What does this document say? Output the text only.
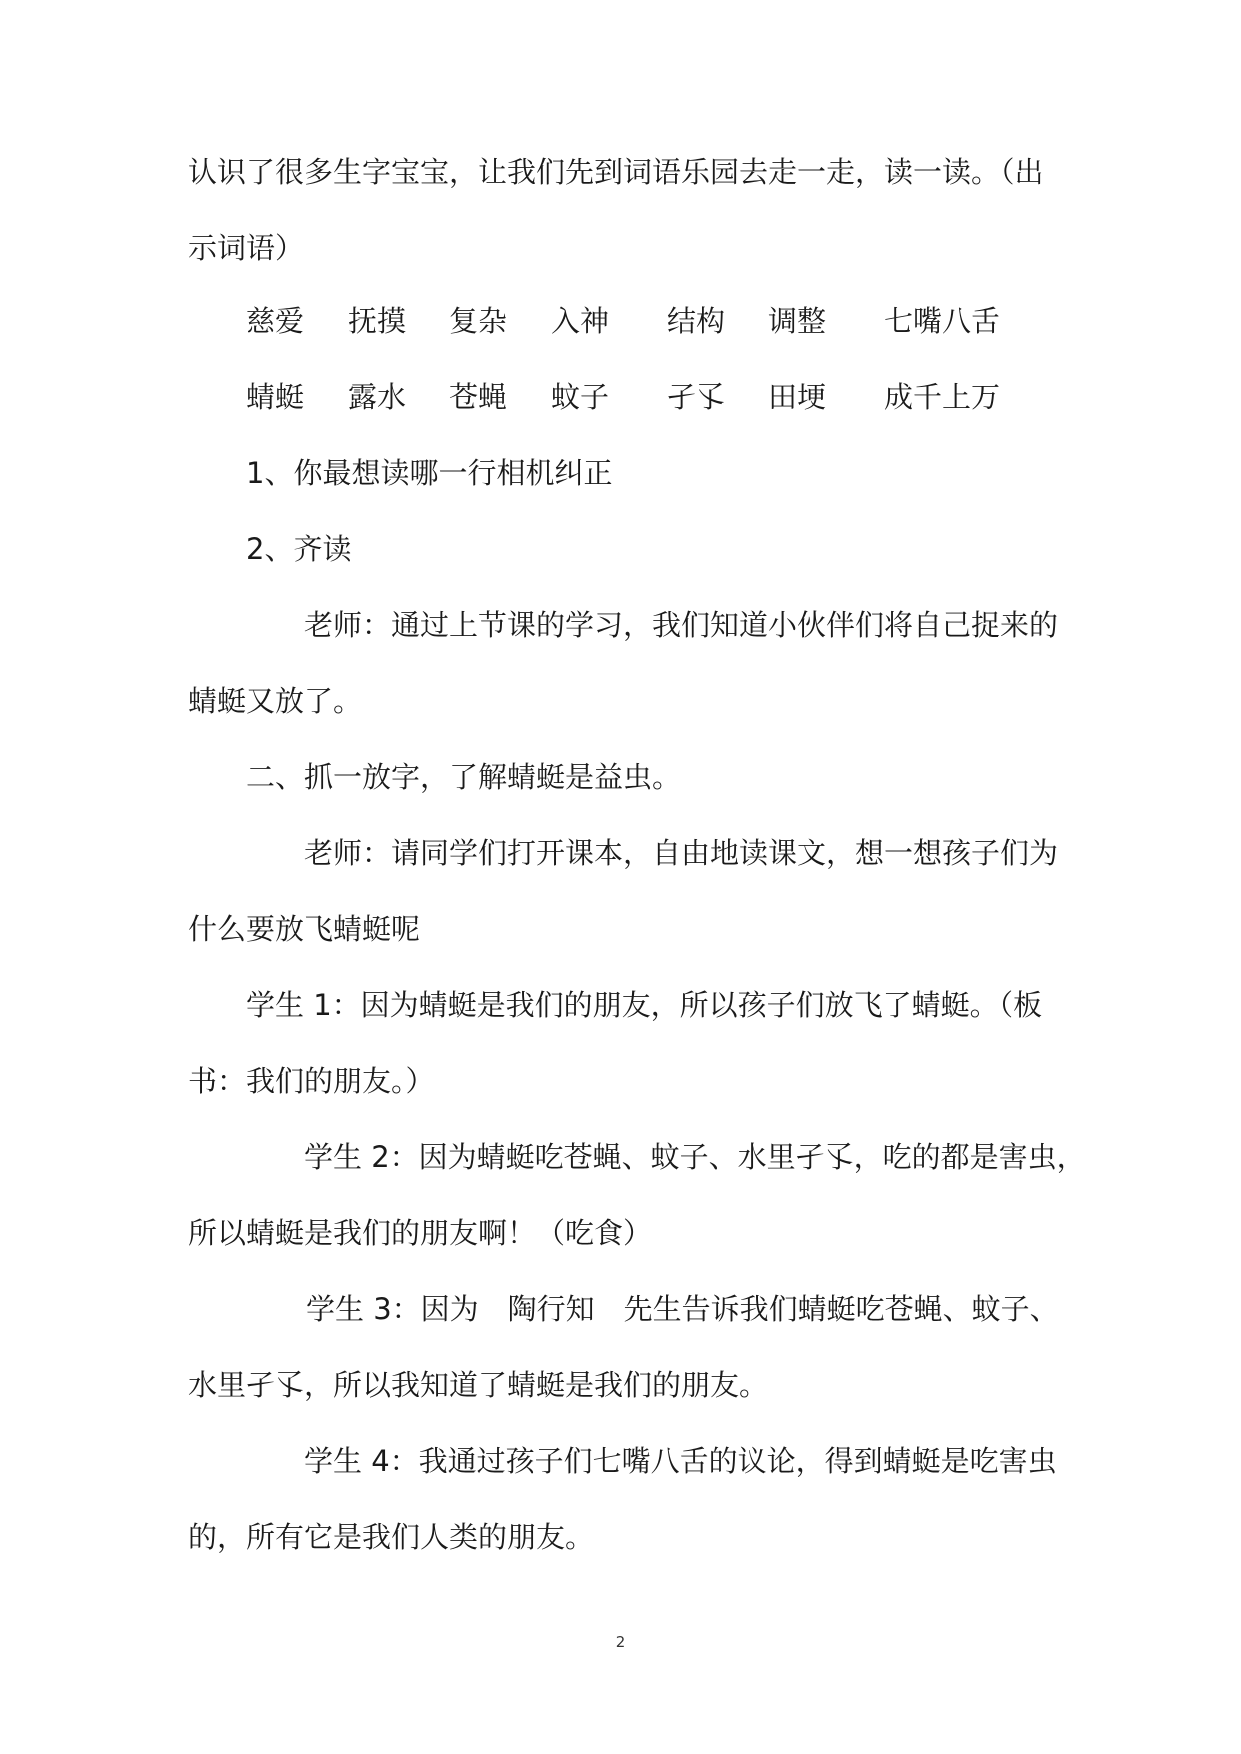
认识了很多生字宝宝，让我们先到词语乐园去走一走，读一读。（出
示词语）
慈爱 抚摸 复杂 入神 结构 调整 七嘴八舌
蜻蜓 露水 苍蝇 蚊子 孑孓 田埂 成千上万
1、你最想读哪一行相机纠正
2、齐读
老师：通过上节课的学习，我们知道小伙伴们将自己捉来的
蜻蜓又放了。
二、抓一放字，了解蜻蜓是益虫。
老师：请同学们打开课本，自由地读课文，想一想孩子们为
什么要放飞蜻蜓呢
学生 1：因为蜻蜓是我们的朋友，所以孩子们放飞了蜻蜓。（板
书：我们的朋友。）
学生 2：因为蜻蜓吃苍蝇、蚊子、水里孑孓，吃的都是害虫，
所以蜻蜓是我们的朋友啊！（吃食）
学生 3：因为　陶行知　先生告诉我们蜻蜓吃苍蝇、蚊子、
水里孑孓，所以我知道了蜻蜓是我们的朋友。
学生 4：我通过孩子们七嘴八舌的议论，得到蜻蜓是吃害虫
的，所有它是我们人类的朋友。
2
